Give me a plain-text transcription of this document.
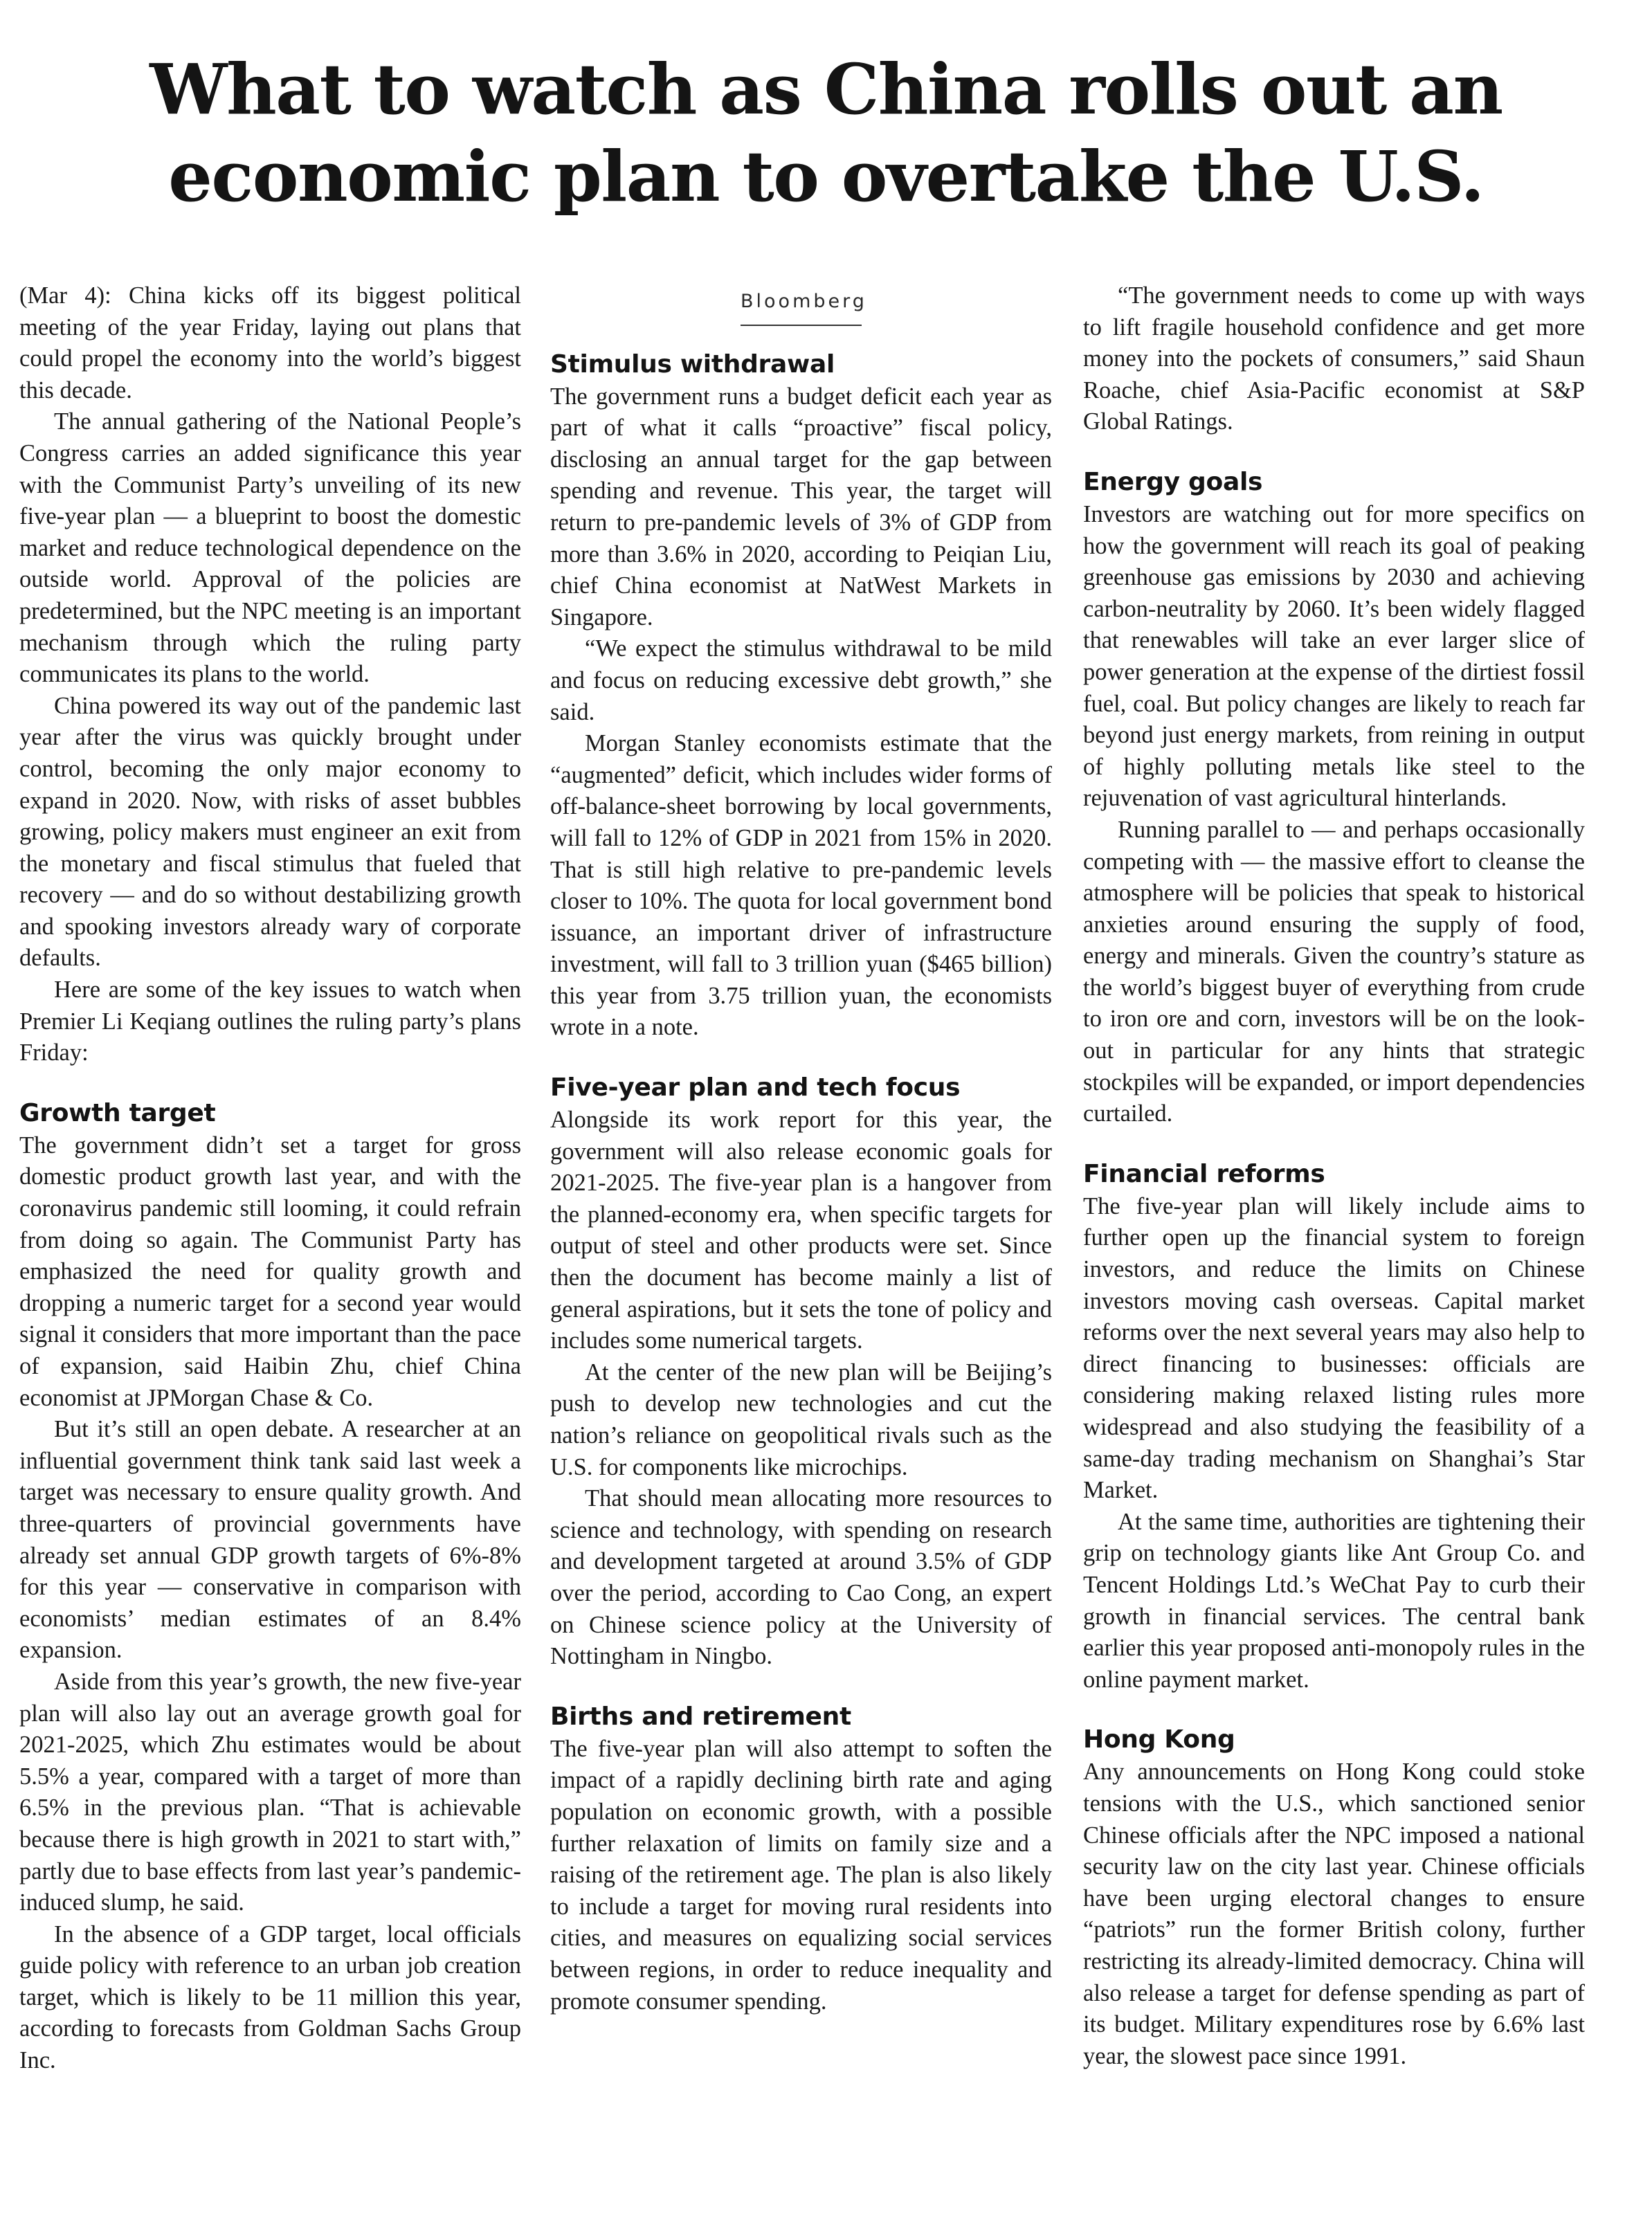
What to watch as China rolls out an
economic plan to overtake the U.S.

(Mar 4): China kicks off its biggest political meeting of the year Friday, laying out plans that could propel the economy into the world’s biggest this decade.

The annual gathering of the National People’s Congress carries an added significance this year with the Communist Party’s unveiling of its new five-year plan — a blueprint to boost the domestic market and reduce technological dependence on the outside world. Approval of the policies are predetermined, but the NPC meeting is an important mechanism through which the ruling party communicates its plans to the world.

China powered its way out of the pandemic last year after the virus was quickly brought under control, becoming the only major economy to expand in 2020. Now, with risks of asset bubbles growing, policy makers must engineer an exit from the monetary and fiscal stimulus that fueled that recovery — and do so without destabilizing growth and spooking investors already wary of corporate defaults.

Here are some of the key issues to watch when Premier Li Keqiang outlines the ruling party’s plans Friday:

Growth target

The government didn’t set a target for gross domestic product growth last year, and with the coronavirus pandemic still looming, it could refrain from doing so again. The Communist Party has emphasized the need for quality growth and dropping a numeric target for a second year would signal it considers that more important than the pace of expansion, said Haibin Zhu, chief China economist at JPMorgan Chase & Co.

But it’s still an open debate. A researcher at an influential government think tank said last week a target was necessary to ensure quality growth. And three-quarters of provincial governments have already set annual GDP growth targets of 6%-8% for this year — conservative in comparison with economists’ median estimates of an 8.4% expansion.

Aside from this year’s growth, the new five-year plan will also lay out an average growth goal for 2021-2025, which Zhu estimates would be about 5.5% a year, compared with a target of more than 6.5% in the previous plan. “That is achievable because there is high growth in 2021 to start with,” partly due to base effects from last year’s pandemic-induced slump, he said.

In the absence of a GDP target, local officials guide policy with reference to an urban job creation target, which is likely to be 11 million this year, according to forecasts from Goldman Sachs Group Inc.

Bloomberg
Stimulus withdrawal

The government runs a budget deficit each year as part of what it calls “proactive” fiscal policy, disclosing an annual target for the gap between spending and revenue. This year, the target will return to pre-pandemic levels of 3% of GDP from more than 3.6% in 2020, according to Peiqian Liu, chief China economist at NatWest Markets in Singapore.

“We expect the stimulus withdrawal to be mild and focus on reducing excessive debt growth,” she said.

Morgan Stanley economists estimate that the “augmented” deficit, which includes wider forms of off-balance-sheet borrowing by local governments, will fall to 12% of GDP in 2021 from 15% in 2020. That is still high relative to pre-pandemic levels closer to 10%. The quota for local government bond issuance, an important driver of infrastructure investment, will fall to 3 trillion yuan ($465 billion) this year from 3.75 trillion yuan, the economists wrote in a note.

Five-year plan and tech focus

Alongside its work report for this year, the government will also release economic goals for 2021-2025. The five-year plan is a hangover from the planned-economy era, when specific targets for output of steel and other products were set. Since then the document has become mainly a list of general aspirations, but it sets the tone of policy and includes some numerical targets.

At the center of the new plan will be Beijing’s push to develop new technologies and cut the nation’s reliance on geopolitical rivals such as the U.S. for components like microchips.

That should mean allocating more resources to science and technology, with spending on research and development targeted at around 3.5% of GDP over the period, according to Cao Cong, an expert on Chinese science policy at the University of Nottingham in Ningbo.

Births and retirement

The five-year plan will also attempt to soften the impact of a rapidly declining birth rate and aging population on economic growth, with a possible further relaxation of limits on family size and a raising of the retirement age. The plan is also likely to include a target for moving rural residents into cities, and measures on equalizing social services between regions, in order to reduce inequality and promote consumer spending.

“The government needs to come up with ways to lift fragile household confidence and get more money into the pockets of consumers,” said Shaun Roache, chief Asia-Pacific economist at S&P Global Ratings.

Energy goals

Investors are watching out for more specifics on how the government will reach its goal of peaking greenhouse gas emissions by 2030 and achieving carbon-neutrality by 2060. It’s been widely flagged that renewables will take an ever larger slice of power generation at the expense of the dirtiest fossil fuel, coal. But policy changes are likely to reach far beyond just energy markets, from reining in output of highly polluting metals like steel to the rejuvenation of vast agricultural hinterlands.

Running parallel to — and perhaps occasionally competing with — the massive effort to cleanse the atmosphere will be policies that speak to historical anxieties around ensuring the supply of food, energy and minerals. Given the country’s stature as the world’s biggest buyer of everything from crude to iron ore and corn, investors will be on the look-out in particular for any hints that strategic stockpiles will be expanded, or import dependencies curtailed.

Financial reforms

The five-year plan will likely include aims to further open up the financial system to foreign investors, and reduce the limits on Chinese investors moving cash overseas. Capital market reforms over the next several years may also help to direct financing to businesses: officials are considering making relaxed listing rules more widespread and also studying the feasibility of a same-day trading mechanism on Shanghai’s Star Market.

At the same time, authorities are tightening their grip on technology giants like Ant Group Co. and Tencent Holdings Ltd.’s WeChat Pay to curb their growth in financial services. The central bank earlier this year proposed anti-monopoly rules in the online payment market.

Hong Kong

Any announcements on Hong Kong could stoke tensions with the U.S., which sanctioned senior Chinese officials after the NPC imposed a national security law on the city last year. Chinese officials have been urging electoral changes to ensure “patriots” run the former British colony, further restricting its already-limited democracy. China will also release a target for defense spending as part of its budget. Military expenditures rose by 6.6% last year, the slowest pace since 1991.
